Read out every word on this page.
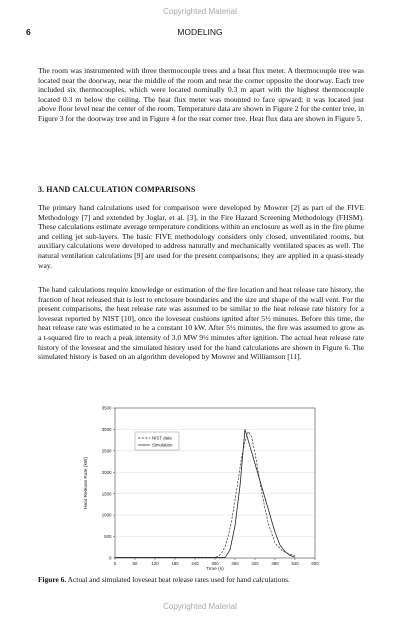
Copyrighted Material
6	MODELING

The room was instrumented with three thermocouple trees and a heat flux meter. A thermocouple tree was located near the doorway, near the middle of the room and near the corner opposite the doorway. Each tree included six thermocouples, which were located nominally 0.3 m apart with the highest thermocouple located 0.3 m below the ceiling. The heat flux meter was mounted to face upward; it was located just above floor level near the center of the room. Temperature data are shown in Figure 2 for the center tree, in Figure 3 for the doorway tree and in Figure 4 for the rear corner tree. Heat flux data are shown in Figure 5.

3. HAND CALCULATION COMPARISONS

The primary hand calculations used for comparison were developed by Mowrer [2] as part of the FIVE Methodology [7] and extended by Joglar, et al. [3], in the Fire Hazard Screening Methodology (FHSM). These calculations estimate average temperature conditions within an enclosure as well as in the fire plume and ceiling jet sub-layers. The basic FIVE methodology considers only closed, unventilated rooms, but auxiliary calculations were developed to address naturally and mechanically ventilated spaces as well. The natural ventilation calculations [9] are used for the present comparisons; they are applied in a quasi-steady way.

The hand calculations require knowledge or estimation of the fire location and heat release rate history, the fraction of heat released that is lost to enclosure boundaries and the size and shape of the wall vent. For the present comparisons, the heat release rate was assumed to be similar to the heat release rate history for a loveseat reported by NIST [10], once the loveseat cushions ignited after 5½ minutes. Before this time, the heat release rate was estimated to be a constant 10 kW. After 5½ minutes, the fire was assumed to grow as a t-squared fire to reach a peak intensity of 3.0 MW 9½ minutes after ignition. The actual heat release rate history of the loveseat and the simulated history used for the hand calculations are shown in Figure 6. The simulated history is based on an algorithm developed by Mowrer and Williamson [11].

0
500
1000
1500
2000
2500
3000
3500
0	60	120	180	240	300	360	420	480	540	600
NIST data
Simulation
Heat Release Rate (kW)
Time (s)
Figure 6. Actual and simulated loveseat heat release rates used for hand calculations.
Copyrighted Material
